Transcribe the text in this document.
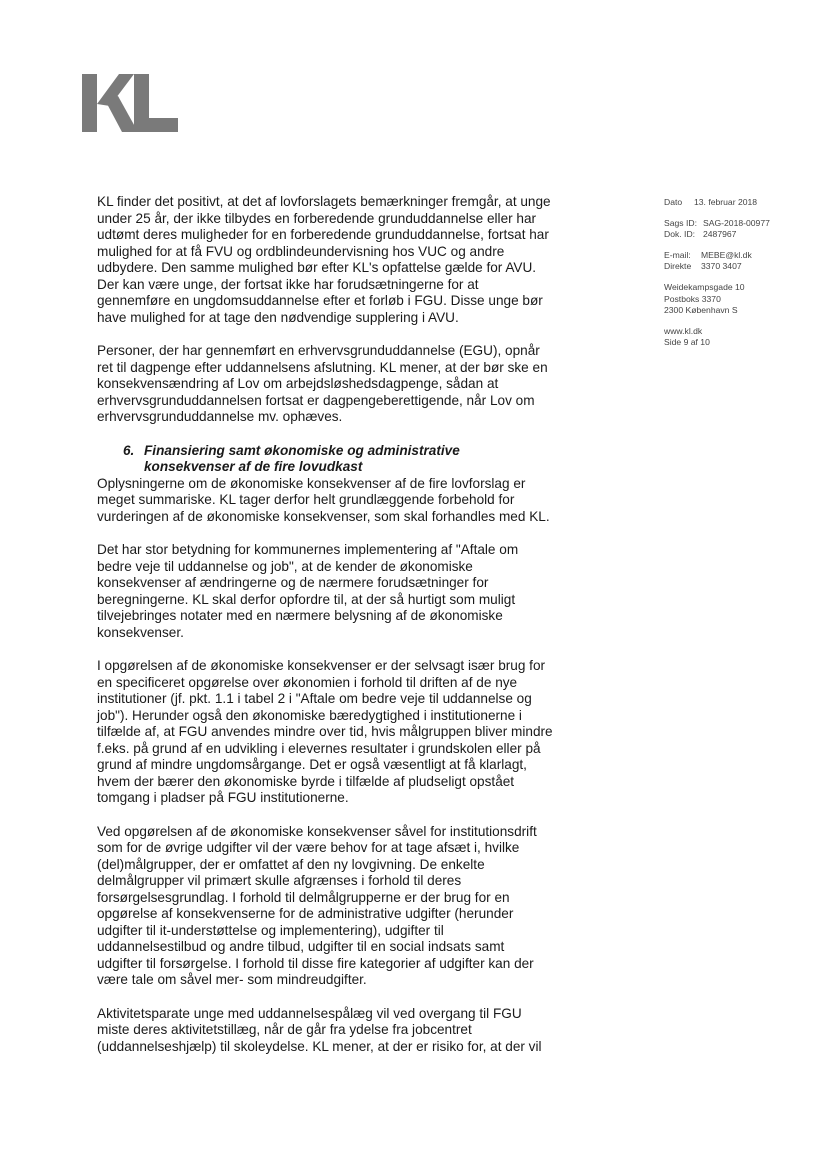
KL finder det positivt, at det af lovforslagets bemærkninger fremgår, at unge under 25 år, der ikke tilbydes en forberedende grunduddannelse eller har udtømt deres muligheder for en forberedende grunduddannelse, fortsat har mulighed for at få FVU og ordblindeundervisning hos VUC og andre udbydere. Den samme mulighed bør efter KL's opfattelse gælde for AVU. Der kan være unge, der fortsat ikke har forudsætningerne for at gennemføre en ungdomsuddannelse efter et forløb i FGU. Disse unge bør have mulighed for at tage den nødvendige supplering i AVU.

Personer, der har gennemført en erhvervsgrunduddannelse (EGU), opnår ret til dagpenge efter uddannelsens afslutning. KL mener, at der bør ske en konsekvensændring af Lov om arbejdsløshedsdagpenge, sådan at erhvervsgrunduddannelsen fortsat er dagpengeberettigende, når Lov om erhvervsgrunduddannelse mv. ophæves.

6. Finansiering samt økonomiske og administrative konsekvenser af de fire lovudkast

Oplysningerne om de økonomiske konsekvenser af de fire lovforslag er meget summariske. KL tager derfor helt grundlæggende forbehold for vurderingen af de økonomiske konsekvenser, som skal forhandles med KL.

Det har stor betydning for kommunernes implementering af "Aftale om bedre veje til uddannelse og job", at de kender de økonomiske konsekvenser af ændringerne og de nærmere forudsætninger for beregningerne. KL skal derfor opfordre til, at der så hurtigt som muligt tilvejebringes notater med en nærmere belysning af de økonomiske konsekvenser.

I opgørelsen af de økonomiske konsekvenser er der selvsagt især brug for en specificeret opgørelse over økonomien i forhold til driften af de nye institutioner (jf. pkt. 1.1 i tabel 2 i "Aftale om bedre veje til uddannelse og job"). Herunder også den økonomiske bæredygtighed i institutionerne i tilfælde af, at FGU anvendes mindre over tid, hvis målgruppen bliver mindre f.eks. på grund af en udvikling i elevernes resultater i grundskolen eller på grund af mindre ungdomsårgange. Det er også væsentligt at få klarlagt, hvem der bærer den økonomiske byrde i tilfælde af pludseligt opstået tomgang i pladser på FGU institutionerne.

Ved opgørelsen af de økonomiske konsekvenser såvel for institutionsdrift som for de øvrige udgifter vil der være behov for at tage afsæt i, hvilke (del)målgrupper, der er omfattet af den ny lovgivning. De enkelte delmålgrupper vil primært skulle afgrænses i forhold til deres forsørgelsesgrundlag. I forhold til delmålgrupperne er der brug for en opgørelse af konsekvenserne for de administrative udgifter (herunder udgifter til it-understøttelse og implementering), udgifter til uddannelsestilbud og andre tilbud, udgifter til en social indsats samt udgifter til forsørgelse. I forhold til disse fire kategorier af udgifter kan der være tale om såvel mer- som mindreudgifter.

Aktivitetsparate unge med uddannelsespålæg vil ved overgang til FGU miste deres aktivitetstillæg, når de går fra ydelse fra jobcentret (uddannelseshjælp) til skoleydelse. KL mener, at der er risiko for, at der vil

Dato 13. februar 2018
Sags ID: SAG-2018-00977
Dok. ID: 2487967
E-mail: MEBE@kl.dk
Direkte 3370 3407
Weidekampsgade 10
Postboks 3370
2300 København S
www.kl.dk
Side 9 af 10
